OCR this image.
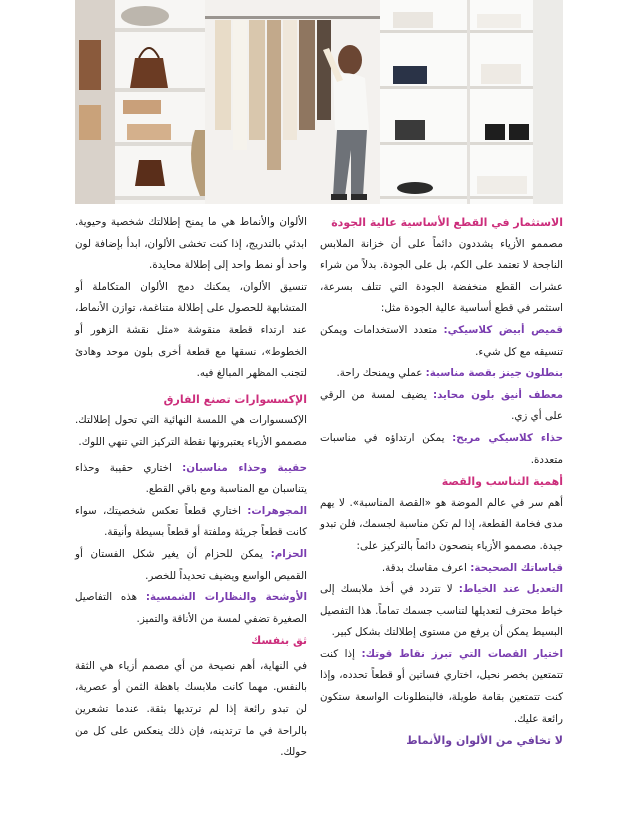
الاستثمار في القطع الأساسية عالية الجودة

مصممو الأزياء يشددون دائماً على أن خزانة الملابس الناجحة لا تعتمد على الكم، بل على الجودة. بدلاً من شراء عشرات القطع منخفضة الجودة التي تتلف بسرعة، استثمر في قطع أساسية عالية الجودة مثل:

قميص أبيض كلاسيكي: متعدد الاستخدامات ويمكن تنسيقه مع كل شيء.

بنطلون جينز بقصة مناسبة: عملي ويمنحك راحة.

معطف أنيق بلون محايد: يضيف لمسة من الرقي على أي زي.

حذاء كلاسيكي مريح: يمكن ارتداؤه في مناسبات متعددة.

أهمية التناسب والقصة

أهم سر في عالم الموضة هو «القصة المناسبة». لا يهم مدى فخامة القطعة، إذا لم تكن مناسبة لجسمك، فلن تبدو جيدة. مصممو الأزياء ينصحون دائماً بالتركيز على:

قياساتك الصحيحة: اعرف مقاسك بدقة.

التعديل عند الخياط: لا تتردد في أخذ ملابسك إلى خياط محترف لتعديلها لتناسب جسمك تماماً. هذا التفصيل البسيط يمكن أن يرفع من مستوى إطلالتك بشكل كبير.

اختيار القصات التي تبرز نقاط قوتك: إذا كنت تتمتعين بخصر نحيل، اختاري فساتين أو قطعاً تحدده، وإذا كنت تتمتعين بقامة طويلة، فالبنطلونات الواسعة ستكون رائعة عليك.

لا تخافي من الألوان والأنماط

الألوان والأنماط هي ما يمنح إطلالتك شخصية وحيوية. ابدئي بالتدريج، إذا كنت تخشى الألوان، ابدأ بإضافة لون واحد أو نمط واحد إلى إطلالة محايدة.

تنسيق الألوان، يمكنك دمج الألوان المتكاملة أو المتشابهة للحصول على إطلالة متناغمة، توازن الأنماط، عند ارتداء قطعة منقوشة «مثل نقشة الزهور أو الخطوط»، نسقها مع قطعة أخرى بلون موحد وهادئ لتجنب المظهر المبالغ فيه.

الإكسسوارات تصنع الفارق

الإكسسوارات هي اللمسة النهائية التي تحول إطلالتك. مصممو الأزياء يعتبرونها نقطة التركيز التي تنهي اللوك.

حقيبة وحذاء مناسبان: اختاري حقيبة وحذاء يتناسبان مع المناسبة ومع باقي القطع.

المجوهرات: اختاري قطعاً تعكس شخصيتك، سواء كانت قطعاً جريئة وملفتة أو قطعاً بسيطة وأنيقة.

الحزام: يمكن للحزام أن يغير شكل الفستان أو القميص الواسع ويضيف تحديداً للخصر.

الأوشحة والنظارات الشمسية: هذه التفاصيل الصغيرة تضفي لمسة من الأناقة والتميز.

ثق بنفسك

في النهاية، أهم نصيحة من أي مصمم أزياء هي الثقة بالنفس. مهما كانت ملابسك باهظة الثمن أو عصرية، لن تبدو رائعة إذا لم ترتديها بثقة. عندما تشعرين بالراحة في ما ترتدينه، فإن ذلك ينعكس على كل من حولك.
